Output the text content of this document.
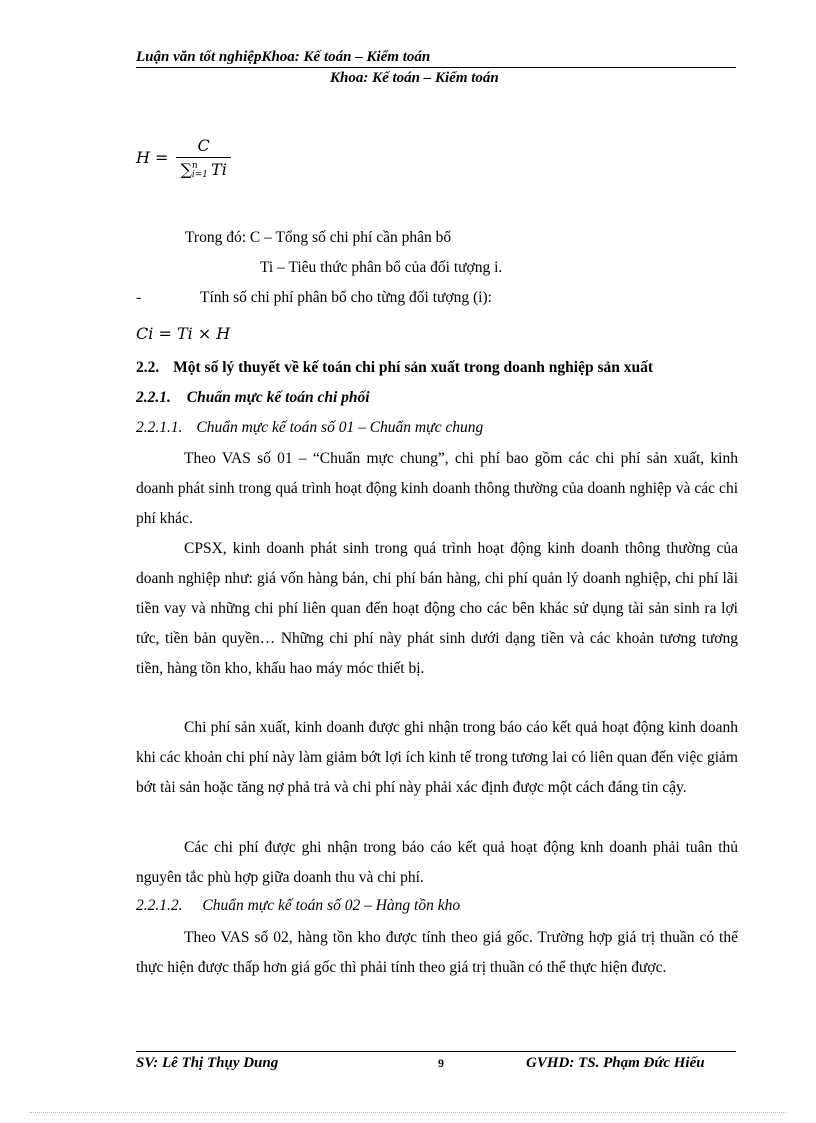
Luận văn tốt nghiệpKhoa: Kế toán – Kiểm toán
Khoa: Kế toán – Kiểm toán
H = C
∑ n
i=1 Ti
Trong đó: C – Tổng số chi phí cần phân bổ
Ti – Tiêu thức phân bổ của đối tượng i.
-	Tính số chi phí phân bổ cho từng đối tượng (i):
Ci = Ti × H
2.2. Một số lý thuyết về kế toán chi phí sản xuất trong doanh nghiệp sản xuất
2.2.1. Chuẩn mực kế toán chi phối
2.2.1.1. Chuẩn mực kế toán số 01 – Chuẩn mực chung

Theo VAS số 01 – “Chuẩn mực chung”, chi phí bao gồm các chi phí sản xuất, kinh doanh phát sinh trong quá trình hoạt động kinh doanh thông thường của doanh nghiệp và các chi phí khác.

CPSX, kinh doanh phát sinh trong quá trình hoạt động kinh doanh thông thường của doanh nghiệp như: giá vốn hàng bán, chi phí bán hàng, chi phí quản lý doanh nghiệp, chi phí lãi tiền vay và những chi phí liên quan đến hoạt động cho các bên khác sử dụng tài sản sinh ra lợi tức, tiền bản quyền… Những chi phí này phát sinh dưới dạng tiền và các khoản tương tương tiền, hàng tồn kho, khấu hao máy móc thiết bị.

Chi phí sản xuất, kinh doanh được ghi nhận trong báo cáo kết quả hoạt động kinh doanh khi các khoản chi phí này làm giảm bớt lợi ích kinh tế trong tương lai có liên quan đến việc giảm bớt tài sản hoặc tăng nợ phả trả và chi phí này phải xác định được một cách đáng tin cậy.

Các chi phí được ghi nhận trong báo cáo kết quả hoạt động knh doanh phải tuân thủ nguyên tắc phù hợp giữa doanh thu và chi phí.

2.2.1.2. Chuẩn mực kế toán số 02 – Hàng tồn kho

Theo VAS số 02, hàng tồn kho được tính theo giá gốc. Trường hợp giá trị thuần có thể thực hiện được thấp hơn giá gốc thì phải tính theo giá trị thuần có thể thực hiện được.

SV: Lê Thị Thụy Dung	9	GVHD: TS. Phạm Đức Hiếu
